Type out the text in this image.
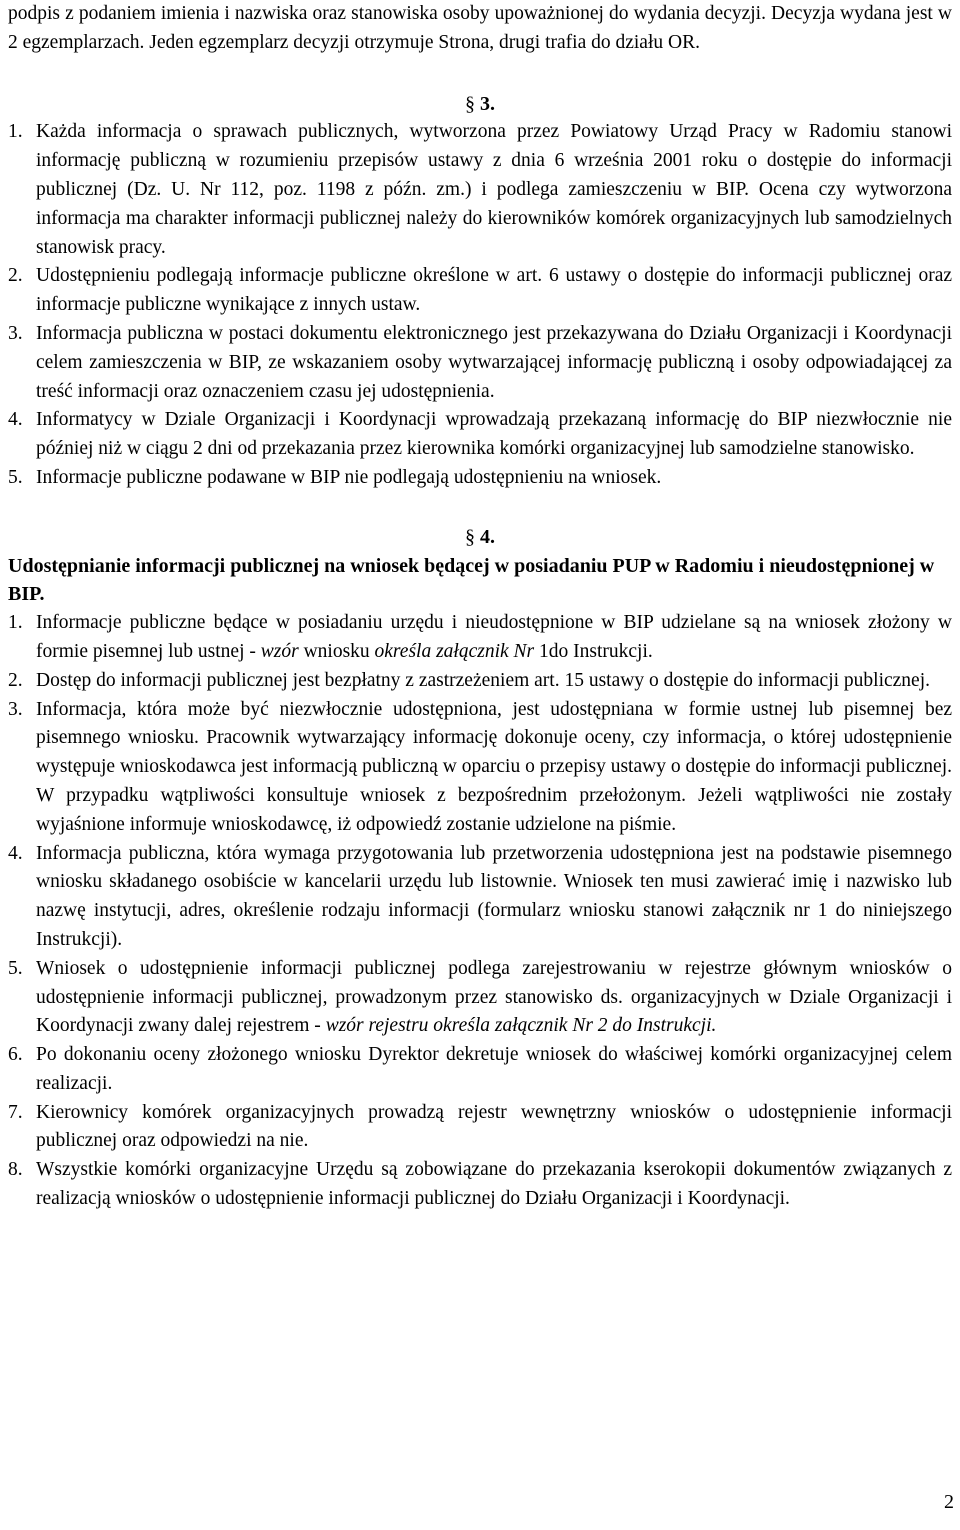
podpis z podaniem imienia i nazwiska oraz stanowiska osoby upoważnionej do wydania decyzji. Decyzja wydana jest w 2 egzemplarzach. Jeden egzemplarz decyzji otrzymuje Strona, drugi trafia do działu OR.

§ 3.

1. Każda informacja o sprawach publicznych, wytworzona przez Powiatowy Urząd Pracy w Radomiu stanowi informację publiczną w rozumieniu przepisów ustawy z dnia 6 września 2001 roku o dostępie do informacji publicznej (Dz. U. Nr 112, poz. 1198 z późn. zm.) i podlega zamieszczeniu w BIP. Ocena czy wytworzona informacja ma charakter informacji publicznej należy do kierowników komórek organizacyjnych lub samodzielnych stanowisk pracy.
2. Udostępnieniu podlegają informacje publiczne określone w art. 6 ustawy o dostępie do informacji publicznej oraz informacje publiczne wynikające z innych ustaw.
3. Informacja publiczna w postaci dokumentu elektronicznego jest przekazywana do Działu Organizacji i Koordynacji celem zamieszczenia w BIP, ze wskazaniem osoby wytwarzającej informację publiczną i osoby odpowiadającej za treść informacji oraz oznaczeniem czasu jej udostępnienia.
4. Informatycy w Dziale Organizacji i Koordynacji wprowadzają przekazaną informację do BIP niezwłocznie nie później niż w ciągu 2 dni od przekazania przez kierownika komórki organizacyjnej lub samodzielne stanowisko.
5. Informacje publiczne podawane w BIP nie podlegają udostępnieniu na wniosek.

§ 4.

Udostępnianie informacji publicznej na wniosek będącej w posiadaniu PUP w Radomiu i nieudostępnionej w BIP.

1. Informacje publiczne będące w posiadaniu urzędu i nieudostępnione w BIP udzielane są na wniosek złożony w formie pisemnej lub ustnej - wzór wniosku określa załącznik Nr 1do Instrukcji.
2. Dostęp do informacji publicznej jest bezpłatny z zastrzeżeniem art. 15 ustawy o dostępie do informacji publicznej.
3. Informacja, która może być niezwłocznie udostępniona, jest udostępniana w formie ustnej lub pisemnej bez pisemnego wniosku. Pracownik wytwarzający informację dokonuje oceny, czy informacja, o której udostępnienie występuje wnioskodawca jest informacją publiczną w oparciu o przepisy ustawy o dostępie do informacji publicznej. W przypadku wątpliwości konsultuje wniosek z bezpośrednim przełożonym. Jeżeli wątpliwości nie zostały wyjaśnione informuje wnioskodawcę, iż odpowiedź zostanie udzielone na piśmie.
4. Informacja publiczna, która wymaga przygotowania lub przetworzenia udostępniona jest na podstawie pisemnego wniosku składanego osobiście w kancelarii urzędu lub listownie. Wniosek ten musi zawierać imię i nazwisko lub nazwę instytucji, adres, określenie rodzaju informacji (formularz wniosku stanowi załącznik nr 1 do niniejszego Instrukcji).
5. Wniosek o udostępnienie informacji publicznej podlega zarejestrowaniu w rejestrze głównym wniosków o udostępnienie informacji publicznej, prowadzonym przez stanowisko ds. organizacyjnych w Dziale Organizacji i Koordynacji zwany dalej rejestrem - wzór rejestru określa załącznik Nr 2 do Instrukcji.
6. Po dokonaniu oceny złożonego wniosku Dyrektor dekretuje wniosek do właściwej komórki organizacyjnej celem realizacji.
7. Kierownicy komórek organizacyjnych prowadzą rejestr wewnętrzny wniosków o udostępnienie informacji publicznej oraz odpowiedzi na nie.
8. Wszystkie komórki organizacyjne Urzędu są zobowiązane do przekazania kserokopii dokumentów związanych z realizacją wniosków o udostępnienie informacji publicznej do Działu Organizacji i Koordynacji.
2
